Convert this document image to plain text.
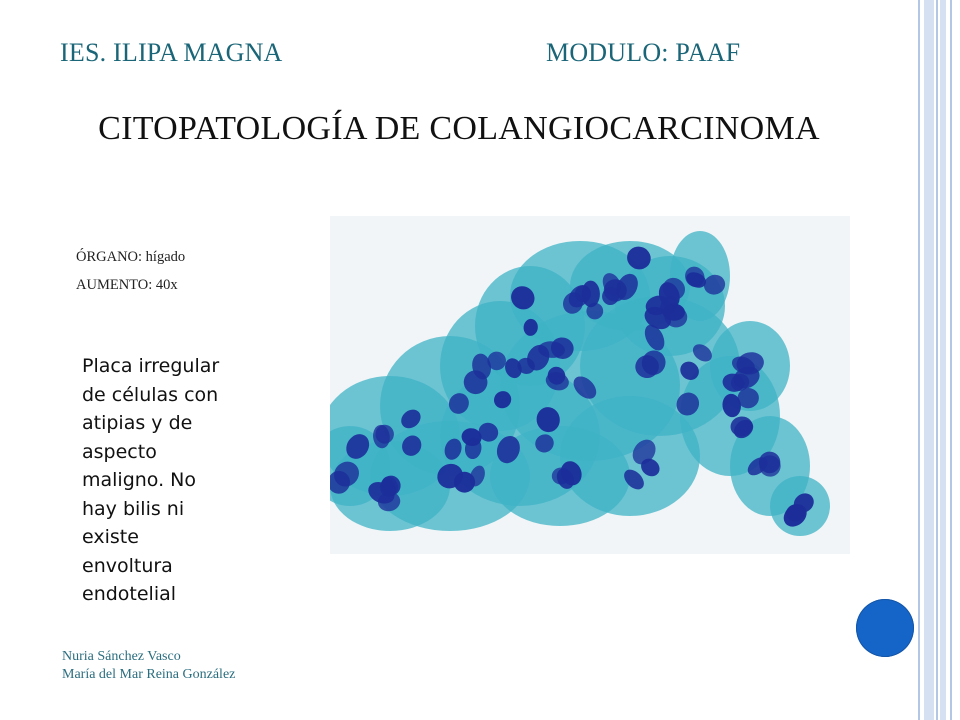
IES. ILIPA MAGNA	MODULO: PAAF
CITOPATOLOGÍA DE COLANGIOCARCINOMA
ÓRGANO: hígado
AUMENTO: 40x
Placa irregular
de células con
atipias y de
aspecto
maligno. No
hay bilis ni
existe
envoltura
endotelial
Nuria Sánchez Vasco
María del Mar Reina González
